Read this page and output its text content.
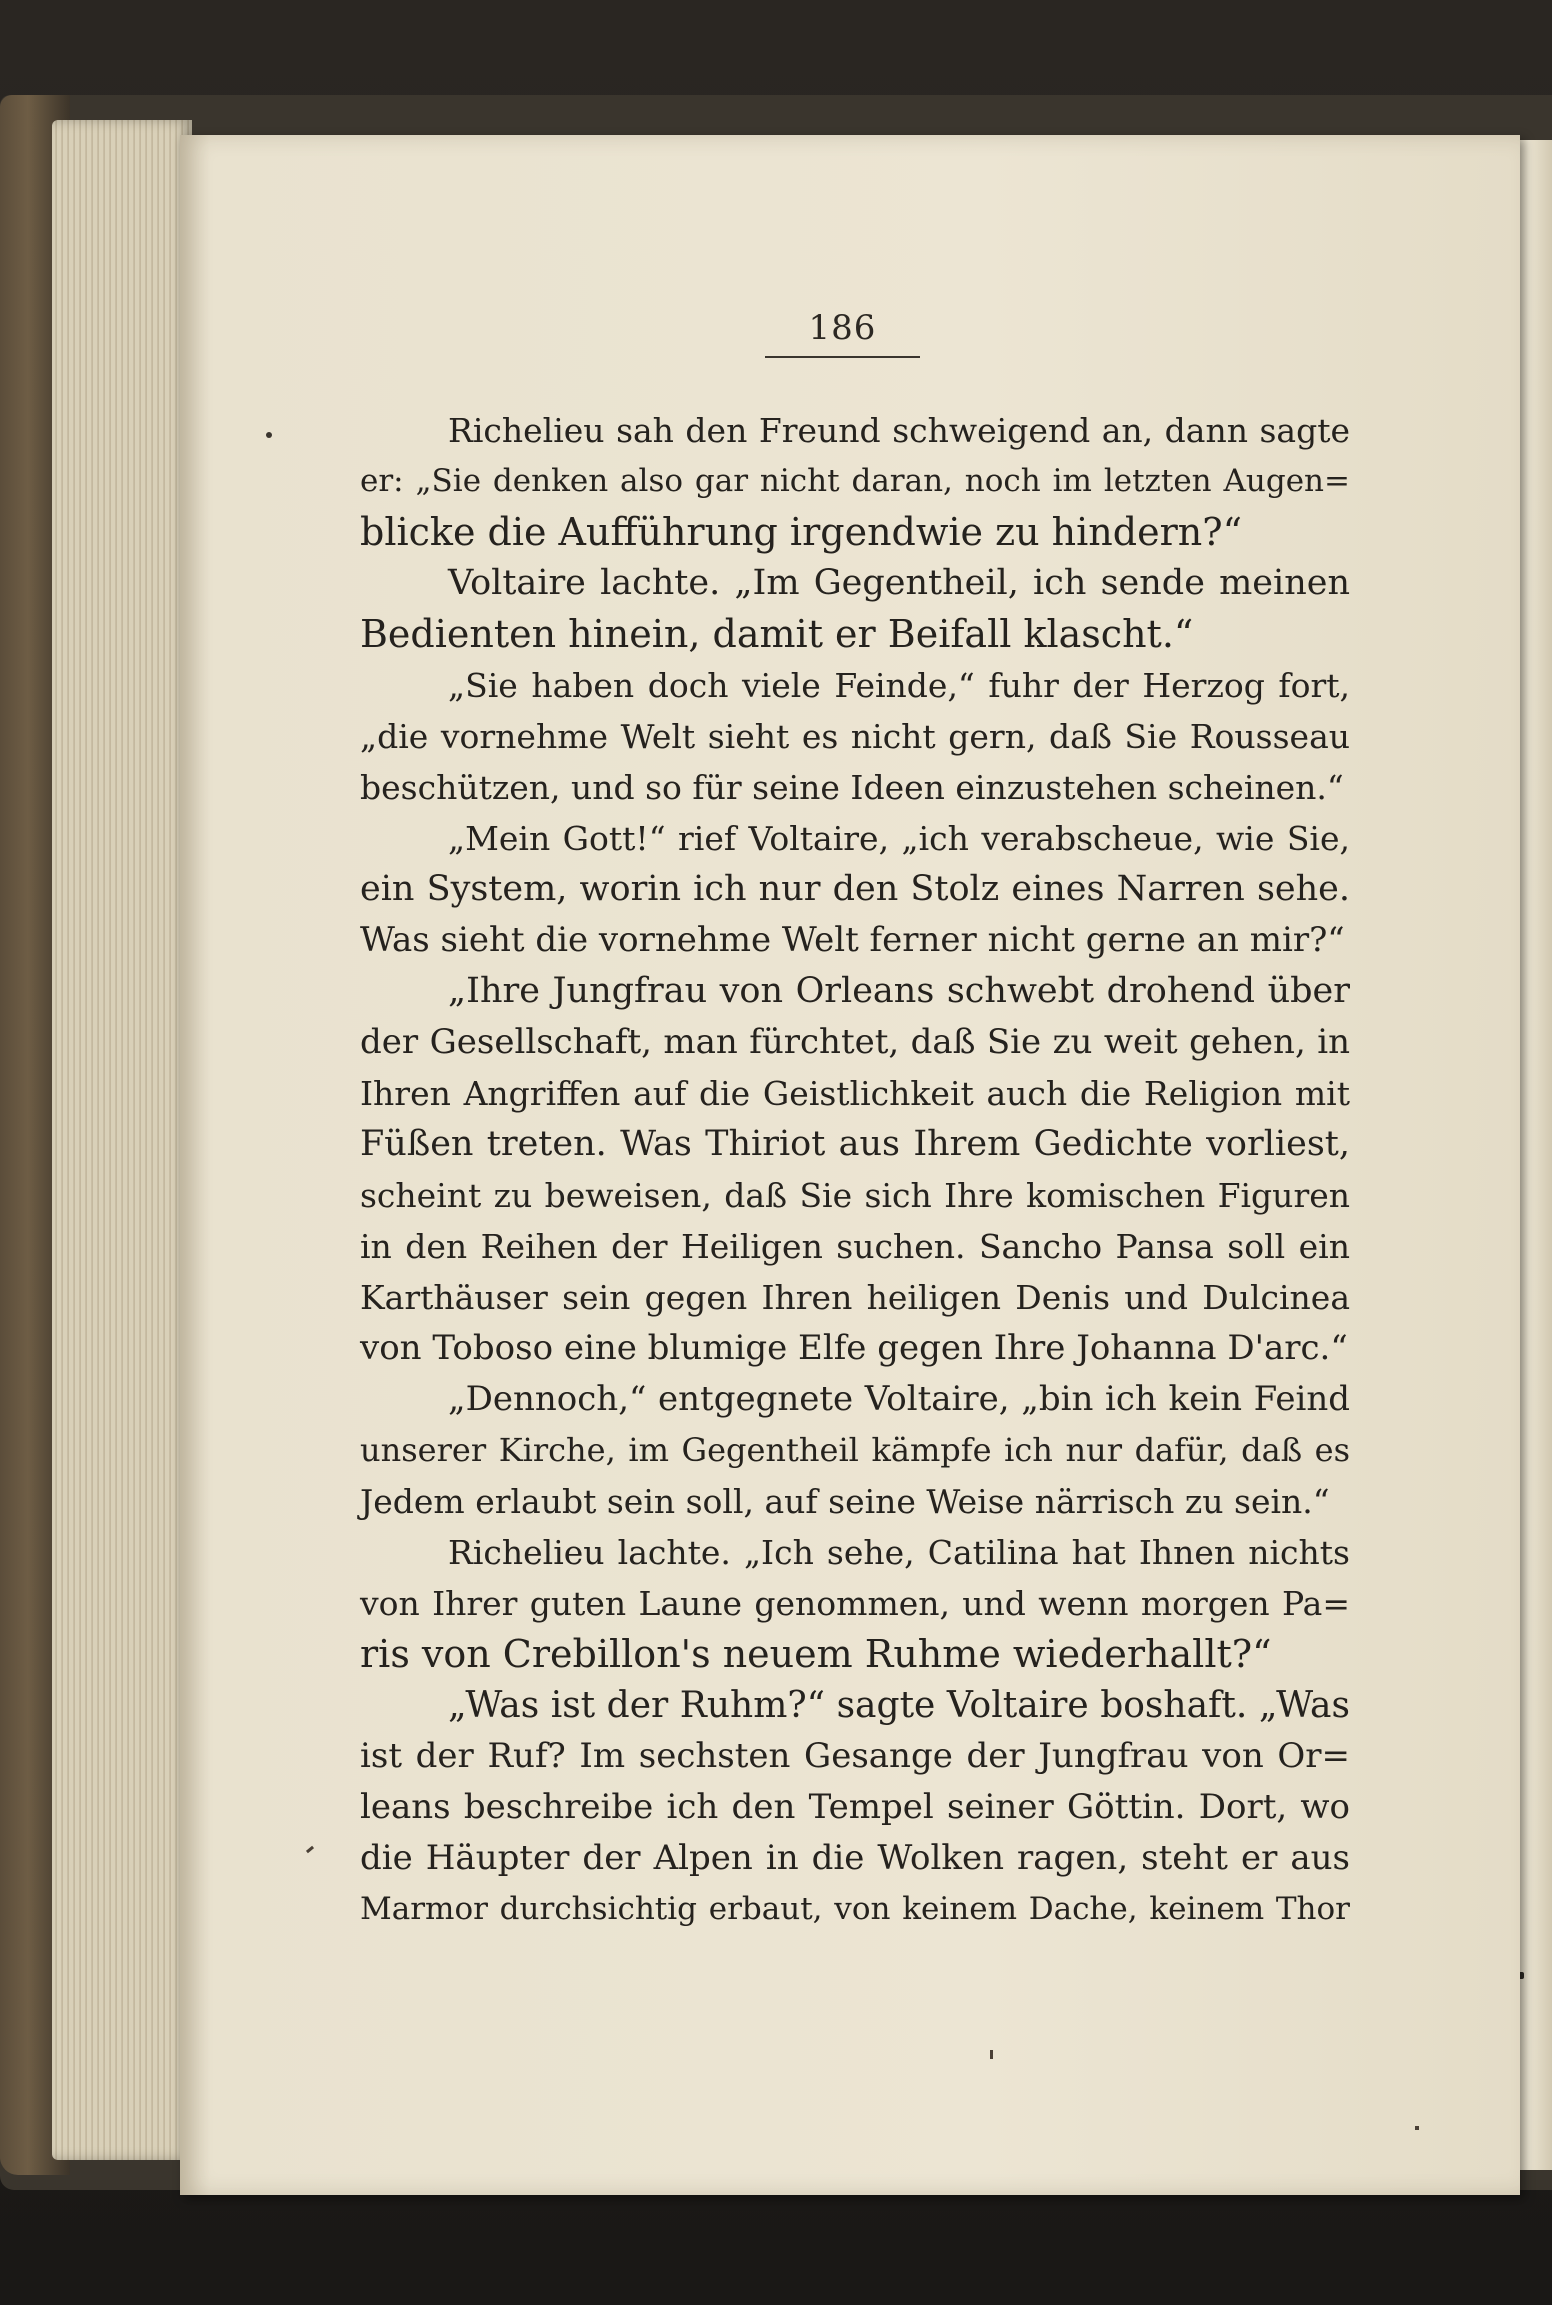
186
Richelieu sah den Freund schweigend an, dann sagte
er: „Sie denken also gar nicht daran, noch im letzten Augen=
blicke die Aufführung irgendwie zu hindern?“
Voltaire lachte. „Im Gegentheil, ich sende meinen
Bedienten hinein, damit er Beifall klascht.“
„Sie haben doch viele Feinde,“ fuhr der Herzog fort,
„die vornehme Welt sieht es nicht gern, daß Sie Rousseau
beschützen, und so für seine Ideen einzustehen scheinen.“
„Mein Gott!“ rief Voltaire, „ich verabscheue, wie Sie,
ein System, worin ich nur den Stolz eines Narren sehe.
Was sieht die vornehme Welt ferner nicht gerne an mir?“
„Ihre Jungfrau von Orleans schwebt drohend über
der Gesellschaft, man fürchtet, daß Sie zu weit gehen, in
Ihren Angriffen auf die Geistlichkeit auch die Religion mit
Füßen treten. Was Thiriot aus Ihrem Gedichte vorliest,
scheint zu beweisen, daß Sie sich Ihre komischen Figuren
in den Reihen der Heiligen suchen. Sancho Pansa soll ein
Karthäuser sein gegen Ihren heiligen Denis und Dulcinea
von Toboso eine blumige Elfe gegen Ihre Johanna D'arc.“
„Dennoch,“ entgegnete Voltaire, „bin ich kein Feind
unserer Kirche, im Gegentheil kämpfe ich nur dafür, daß es
Jedem erlaubt sein soll, auf seine Weise närrisch zu sein.“
Richelieu lachte. „Ich sehe, Catilina hat Ihnen nichts
von Ihrer guten Laune genommen, und wenn morgen Pa=
ris von Crebillon's neuem Ruhme wiederhallt?“
„Was ist der Ruhm?“ sagte Voltaire boshaft. „Was
ist der Ruf? Im sechsten Gesange der Jungfrau von Or=
leans beschreibe ich den Tempel seiner Göttin. Dort, wo
die Häupter der Alpen in die Wolken ragen, steht er aus
Marmor durchsichtig erbaut, von keinem Dache, keinem Thor
